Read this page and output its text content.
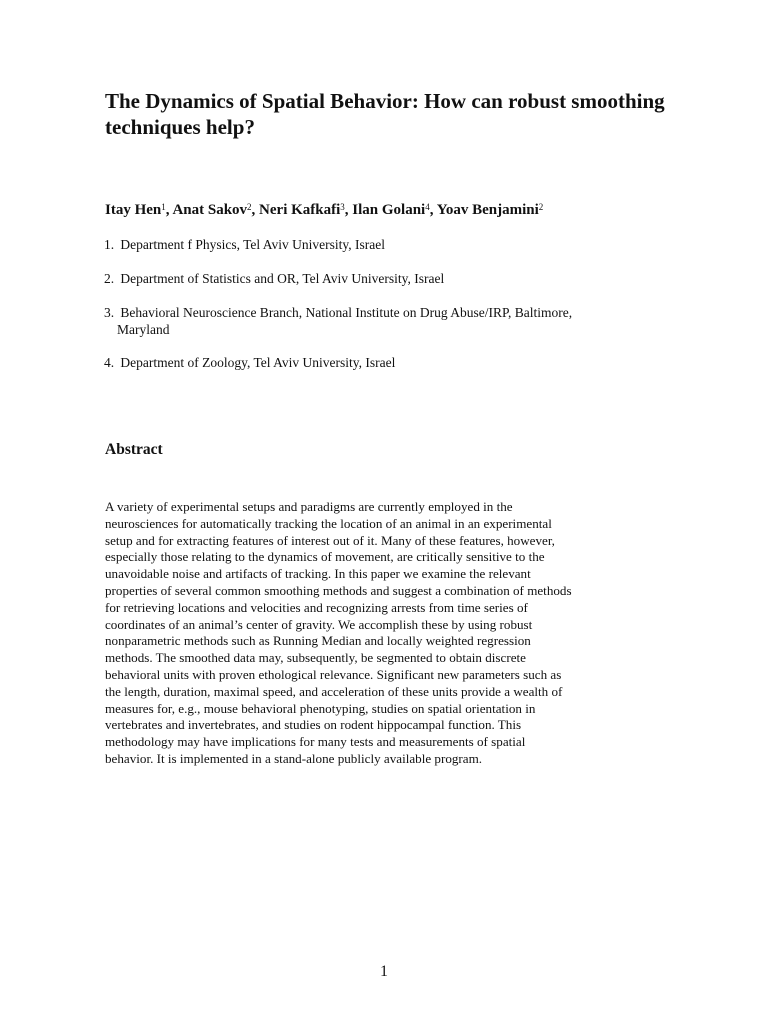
The Dynamics of Spatial Behavior: How can robust smoothing techniques help?

Itay Hen$^1$, Anat Sakov$^2$, Neri Kafkafi$^3$, Ilan Golani$^4$, Yoav Benjamini$^2$

1. Department f Physics, Tel Aviv University, Israel

2. Department of Statistics and OR, Tel Aviv University, Israel

3. Behavioral Neuroscience Branch, National Institute on Drug Abuse/IRP, Baltimore,
Maryland

4. Department of Zoology, Tel Aviv University, Israel

Abstract
A variety of experimental setups and paradigms are currently employed in the
neurosciences for automatically tracking the location of an animal in an experimental
setup and for extracting features of interest out of it. Many of these features, however,
especially those relating to the dynamics of movement, are critically sensitive to the
unavoidable noise and artifacts of tracking. In this paper we examine the relevant
properties of several common smoothing methods and suggest a combination of methods
for retrieving locations and velocities and recognizing arrests from time series of
coordinates of an animal’s center of gravity. We accomplish these by using robust
nonparametric methods such as Running Median and locally weighted regression
methods. The smoothed data may, subsequently, be segmented to obtain discrete
behavioral units with proven ethological relevance. Significant new parameters such as
the length, duration, maximal speed, and acceleration of these units provide a wealth of
measures for, e.g., mouse behavioral phenotyping, studies on spatial orientation in
vertebrates and invertebrates, and studies on rodent hippocampal function. This
methodology may have implications for many tests and measurements of spatial
behavior. It is implemented in a stand-alone publicly available program.
1
